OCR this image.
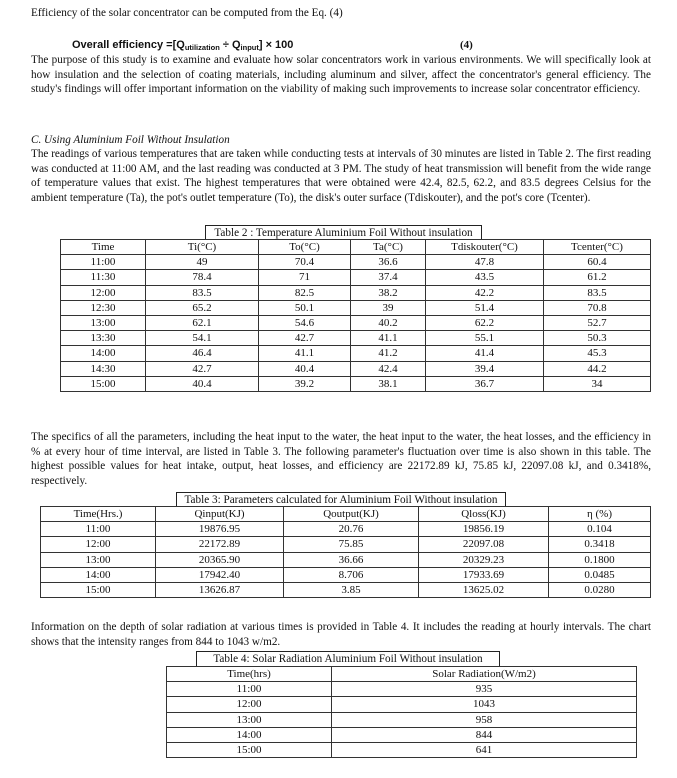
Efficiency of the solar concentrator can be computed from the Eq. (4)

Overall efficiency $=[Q_{utilization} \div Q_{input}] \times 100$	(4)

The purpose of this study is to examine and evaluate how solar concentrators work in various environments. We will specifically look at how insulation and the selection of coating materials, including aluminum and silver, affect the concentrator's general efficiency. The study's findings will offer important information on the viability of making such improvements to increase solar concentrator efficiency.

C. Using Aluminium Foil Without Insulation

The readings of various temperatures that are taken while conducting tests at intervals of 30 minutes are listed in Table 2. The first reading was conducted at 11:00 AM, and the last reading was conducted at 3 PM. The study of heat transmission will benefit from the wide range of temperature values that exist. The highest temperatures that were obtained were 42.4, 82.5, 62.2, and 83.5 degrees Celsius for the ambient temperature (Ta), the pot's outlet temperature (To), the disk's outer surface (Tdiskouter), and the pot's core (Tcenter).

Table 2 : Temperature Aluminium Foil Without insulation
Time	Ti(°C)	To(°C)	Ta(°C)	Tdiskouter(°C)	Tcenter(°C)
11:00	49	70.4	36.6	47.8	60.4
11:30	78.4	71	37.4	43.5	61.2
12:00	83.5	82.5	38.2	42.2	83.5
12:30	65.2	50.1	39	51.4	70.8
13:00	62.1	54.6	40.2	62.2	52.7
13:30	54.1	42.7	41.1	55.1	50.3
14:00	46.4	41.1	41.2	41.4	45.3
14:30	42.7	40.4	42.4	39.4	44.2
15:00	40.4	39.2	38.1	36.7	34

The specifics of all the parameters, including the heat input to the water, the heat input to the water, the heat losses, and the efficiency in % at every hour of time interval, are listed in Table 3. The following parameter's fluctuation over time is also shown in this table. The highest possible values for heat intake, output, heat losses, and efficiency are 22172.89 kJ, 75.85 kJ, 22097.08 kJ, and 0.3418%, respectively.

Table 3: Parameters calculated for Aluminium Foil Without insulation
Time(Hrs.)	Qinput(KJ)	Qoutput(KJ)	Qloss(KJ)	η (%)
11:00	19876.95	20.76	19856.19	0.104
12:00	22172.89	75.85	22097.08	0.3418
13:00	20365.90	36.66	20329.23	0.1800
14:00	17942.40	8.706	17933.69	0.0485
15:00	13626.87	3.85	13625.02	0.0280

Information on the depth of solar radiation at various times is provided in Table 4. It includes the reading at hourly intervals. The chart shows that the intensity ranges from 844 to 1043 w/m2.

Table 4: Solar Radiation Aluminium Foil Without insulation
Time(hrs)	Solar Radiation(W/m2)
11:00	935
12:00	1043
13:00	958
14:00	844
15:00	641
